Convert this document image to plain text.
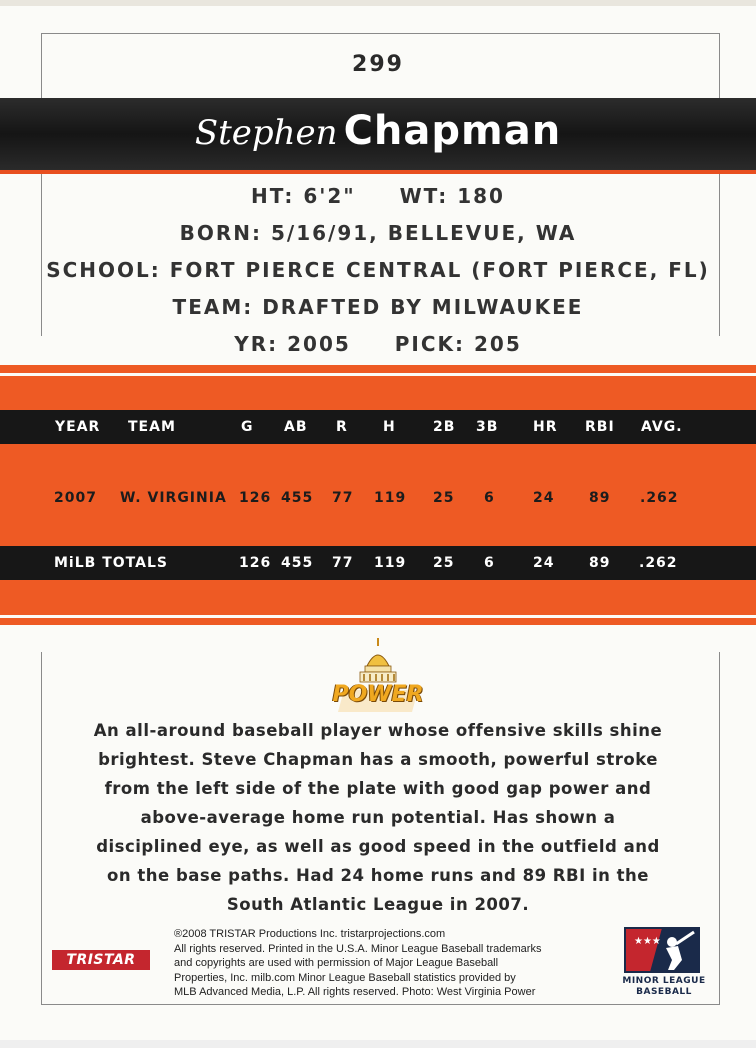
299
Stephen Chapman
HT: 6'2" WT: 180
BORN: 5/16/91, BELLEVUE, WA
SCHOOL: FORT PIERCE CENTRAL (FORT PIERCE, FL)
TEAM: DRAFTED BY MILWAUKEE
YR: 2005 PICK: 205
YEAR TEAM	G AB R	H	2B 3B HR RBI AVG.
2007 W. VIRGINIA 126 455 77 119 25 6	24 89 .262
MiLB TOTALS	126 455 77 119 25 6	24 89 .262
POWER

An all-around baseball player whose offensive skills shine

brightest. Steve Chapman has a smooth, powerful stroke

from the left side of the plate with good gap power and

above-average home run potential. Has shown a

disciplined eye, as well as good speed in the outfield and

on the base paths. Had 24 home runs and 89 RBI in the

South Atlantic League in 2007.

®2008 TRISTAR Productions Inc. tristarprojections.com

All rights reserved. Printed in the U.S.A. Minor League Baseball trademarks

and copyrights are used with permission of Major League Baseball

Properties, Inc. milb.com Minor League Baseball statistics provided by

MLB Advanced Media, L.P. All rights reserved. Photo: West Virginia Power

TRISTAR
★★★

MINOR LEAGUE

BASEBALL
